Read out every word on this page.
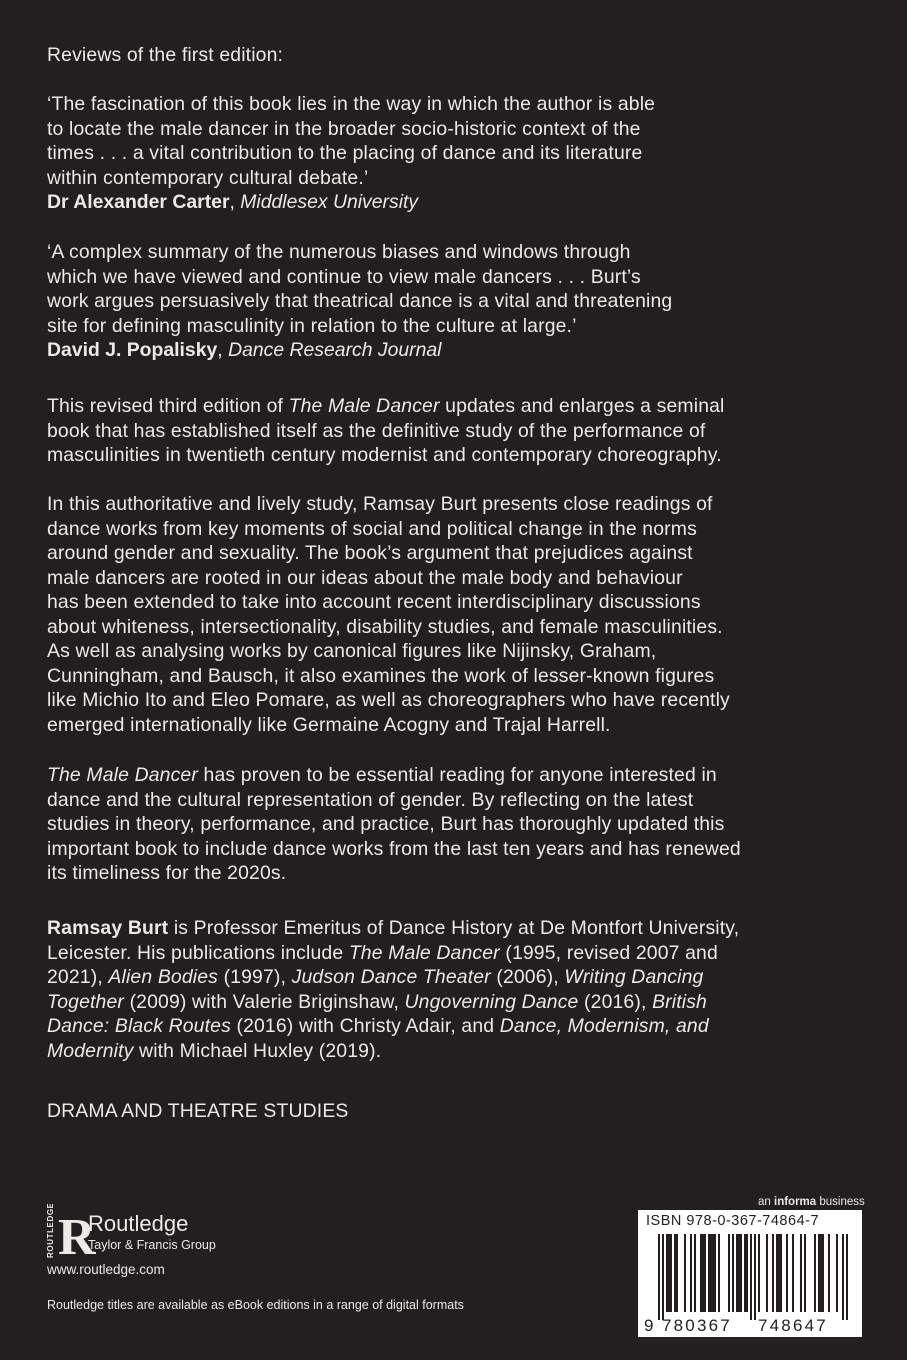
Reviews of the first edition:

‘The fascination of this book lies in the way in which the author is able

to locate the male dancer in the broader socio-historic context of the

times . . . a vital contribution to the placing of dance and its literature

within contemporary cultural debate.’

Dr Alexander Carter, Middlesex University

‘A complex summary of the numerous biases and windows through

which we have viewed and continue to view male dancers . . . Burt’s

work argues persuasively that theatrical dance is a vital and threatening

site for defining masculinity in relation to the culture at large.’

David J. Popalisky, Dance Research Journal

This revised third edition of The Male Dancer updates and enlarges a seminal

book that has established itself as the definitive study of the performance of

masculinities in twentieth century modernist and contemporary choreography.

In this authoritative and lively study, Ramsay Burt presents close readings of

dance works from key moments of social and political change in the norms

around gender and sexuality. The book’s argument that prejudices against

male dancers are rooted in our ideas about the male body and behaviour

has been extended to take into account recent interdisciplinary discussions

about whiteness, intersectionality, disability studies, and female masculinities.

As well as analysing works by canonical figures like Nijinsky, Graham,

Cunningham, and Bausch, it also examines the work of lesser-known figures

like Michio Ito and Eleo Pomare, as well as choreographers who have recently

emerged internationally like Germaine Acogny and Trajal Harrell.

The Male Dancer has proven to be essential reading for anyone interested in

dance and the cultural representation of gender. By reflecting on the latest

studies in theory, performance, and practice, Burt has thoroughly updated this

important book to include dance works from the last ten years and has renewed

its timeliness for the 2020s.

Ramsay Burt is Professor Emeritus of Dance History at De Montfort University,

Leicester. His publications include The Male Dancer (1995, revised 2007 and

2021), Alien Bodies (1997), Judson Dance Theater (2006), Writing Dancing

Together (2009) with Valerie Briginshaw, Ungoverning Dance (2016), British

Dance: Black Routes (2016) with Christy Adair, and Dance, Modernism, and

Modernity with Michael Huxley (2019).

DRAMA AND THEATRE STUDIES

ROUTLEDGE R
Routledge
Taylor & Francis Group
www.routledge.com
Routledge titles are available as eBook editions in a range of digital formats
an informa business
ISBN 978-0-367-74864-7
9 780367 748647
